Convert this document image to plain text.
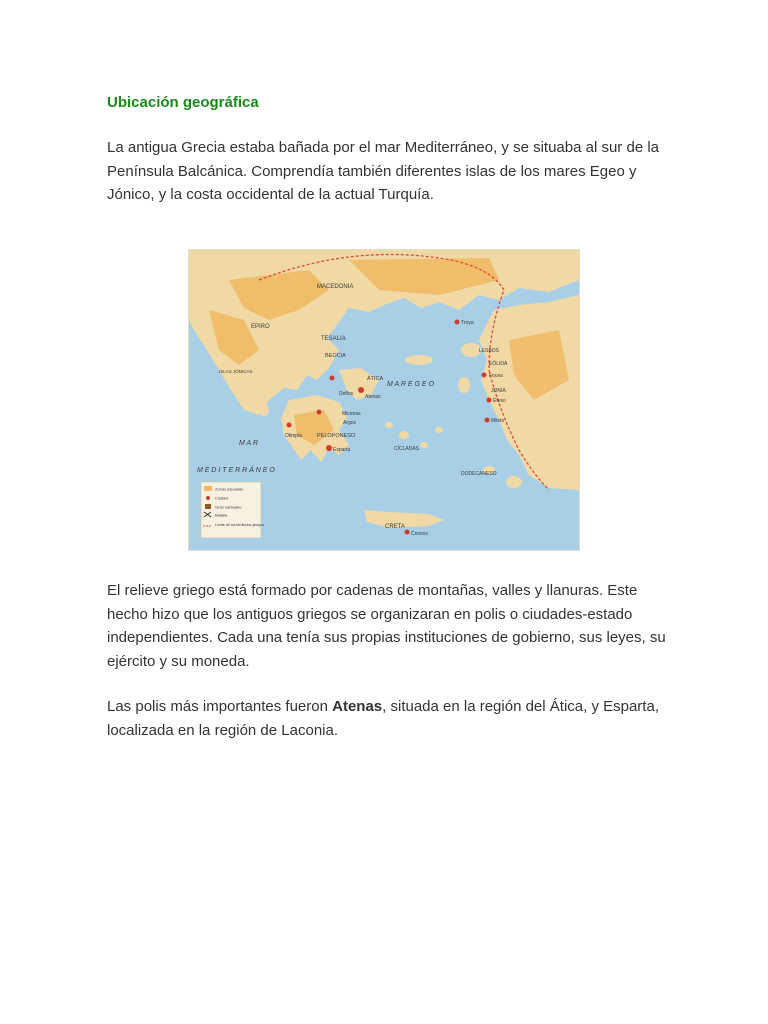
Ubicación geográfica
La antigua Grecia estaba bañada por el mar Mediterráneo, y se situaba al sur de la Península Balcánica. Comprendía también diferentes islas de los mares Egeo y Jónico, y la costa occidental de la actual Turquía.
MACEDONIA
EPIRO
TESALIA
ISLAS JÓNICAS
BEOCIA
ÁTICA
Delfos
Micenas
Argos
Olimpia
Atenas
PELOPONESO
Esparta
Troya
LESBOS
EÓLIDA
Focea
JONIA
Éfeso
Mileto
M A R E G E O
CÍCLADAS
DODECANESO
M A R
M E D I T E R R Á N E O
CRETA
Cnosos
Zonas elevadas
Ciudad
Gran santuario
Batalla
Límite de los territorios griegos
El relieve griego está formado por cadenas de montañas, valles y llanuras. Este hecho hizo que los antiguos griegos se organizaran en polis o ciudades-estado independientes. Cada una tenía sus propias instituciones de gobierno, sus leyes, su ejército y su moneda.
Las polis más importantes fueron Atenas, situada en la región del Ática, y Esparta, localizada en la región de Laconia.
